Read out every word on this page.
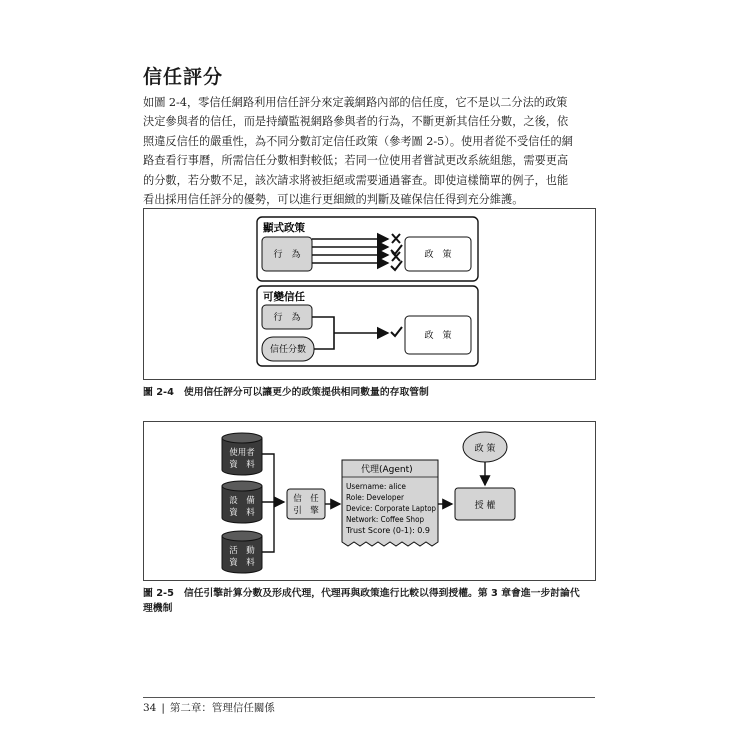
信任評分
如圖 2-4，零信任網路利用信任評分來定義網路內部的信任度，它不是以二分法的政策
決定參與者的信任，而是持續監視網路參與者的行為，不斷更新其信任分數，之後，依
照違反信任的嚴重性，為不同分數訂定信任政策（參考圖 2-5）。使用者從不受信任的網
路查看行事曆，所需信任分數相對較低；若同一位使用者嘗試更改系統組態，需要更高
的分數，若分數不足，該次請求將被拒絕或需要通過審查。即使這樣簡單的例子，也能
看出採用信任評分的優勢，可以進行更細緻的判斷及確保信任得到充分維護。
顯式政策
行　為	政　策
可變信任
行　為
信任分數
政　策
圖 2-4 使用信任評分可以讓更少的政策提供相同數量的存取管制
使用者
資　料
設　備
資　料
活　動
資　料
信　任
引　擎
代理(Agent)
Username: alice
Role: Developer
Device: Corporate Laptop
Network: Coffee Shop
Trust Score (0-1): 0.9
授 權
政 策
圖 2-5 信任引擎計算分數及形成代理，代理再與政策進行比較以得到授權。第 3 章會進一步討論代
理機制
34 | 第二章：管理信任關係
